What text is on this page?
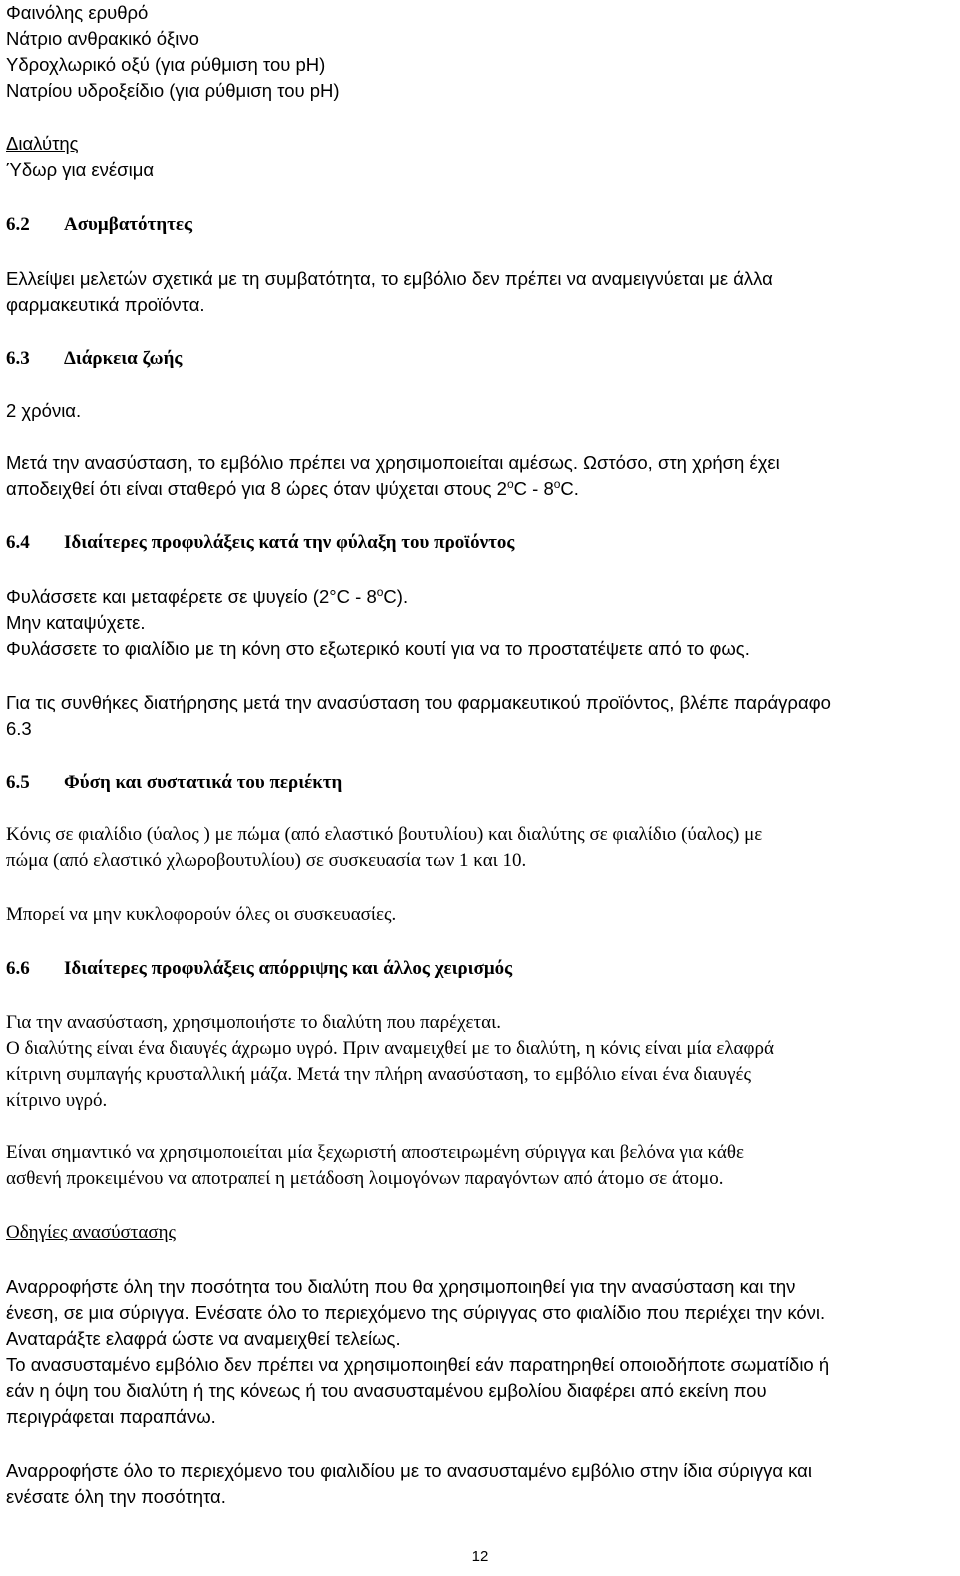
Φαινόλης ερυθρό
Νάτριο ανθρακικό όξινο
Υδροχλωρικό οξύ (για ρύθμιση του pH)
Νατρίου υδροξείδιο (για ρύθμιση του pH)
Διαλύτης
Ύδωρ για ενέσιμα
6.2 Ασυμβατότητες
Ελλείψει μελετών σχετικά με τη συμβατότητα, το εμβόλιο δεν πρέπει να αναμειγνύεται με άλλα
φαρμακευτικά προϊόντα.
6.3 Διάρκεια ζωής
2 χρόνια.
Μετά την ανασύσταση, το εμβόλιο πρέπει να χρησιμοποιείται αμέσως. Ωστόσο, στη χρήση έχει
αποδειχθεί ότι είναι σταθερό για 8 ώρες όταν ψύχεται στους 2$^o$C - 8$^o$C.
6.4 Ιδιαίτερες προφυλάξεις κατά την φύλαξη του προϊόντος
Φυλάσσετε και μεταφέρετε σε ψυγείο (2°C - 8$^o$C).
Μην καταψύχετε.
Φυλάσσετε το φιαλίδιο με τη κόνη στο εξωτερικό κουτί για να το προστατέψετε από το φως.
Για τις συνθήκες διατήρησης μετά την ανασύσταση του φαρμακευτικού προϊόντος, βλέπε παράγραφο
6.3
6.5 Φύση και συστατικά του περιέκτη
Κόνις σε φιαλίδιο (ύαλος ) με πώμα (από ελαστικό βουτυλίου) και διαλύτης σε φιαλίδιο (ύαλος) με
πώμα (από ελαστικό χλωροβουτυλίου) σε συσκευασία των 1 και 10.
Μπορεί να μην κυκλοφορούν όλες οι συσκευασίες.
6.6 Ιδιαίτερες προφυλάξεις απόρριψης και άλλος χειρισμός
Για την ανασύσταση, χρησιμοποιήστε το διαλύτη που παρέχεται.
Ο διαλύτης είναι ένα διαυγές άχρωμο υγρό. Πριν αναμειχθεί με το διαλύτη, η κόνις είναι μία ελαφρά
κίτρινη συμπαγής κρυσταλλική μάζα. Μετά την πλήρη ανασύσταση, το εμβόλιο είναι ένα διαυγές
κίτρινο υγρό.
Είναι σημαντικό να χρησιμοποιείται μία ξεχωριστή αποστειρωμένη σύριγγα και βελόνα για κάθε
ασθενή προκειμένου να αποτραπεί η μετάδοση λοιμογόνων παραγόντων από άτομο σε άτομο.
Οδηγίες ανασύστασης
Αναρροφήστε όλη την ποσότητα του διαλύτη που θα χρησιμοποιηθεί για την ανασύσταση και την
ένεση, σε μια σύριγγα. Ενέσατε όλο το περιεχόμενο της σύριγγας στο φιαλίδιο που περιέχει την κόνι.
Αναταράξτε ελαφρά ώστε να αναμειχθεί τελείως.
Το ανασυσταμένο εμβόλιο δεν πρέπει να χρησιμοποιηθεί εάν παρατηρηθεί οποιοδήποτε σωματίδιο ή
εάν η όψη του διαλύτη ή της κόνεως ή του ανασυσταμένου εμβολίου διαφέρει από εκείνη που
περιγράφεται παραπάνω.
Αναρροφήστε όλο το περιεχόμενο του φιαλιδίου με το ανασυσταμένο εμβόλιο στην ίδια σύριγγα και
ενέσατε όλη την ποσότητα.
12
